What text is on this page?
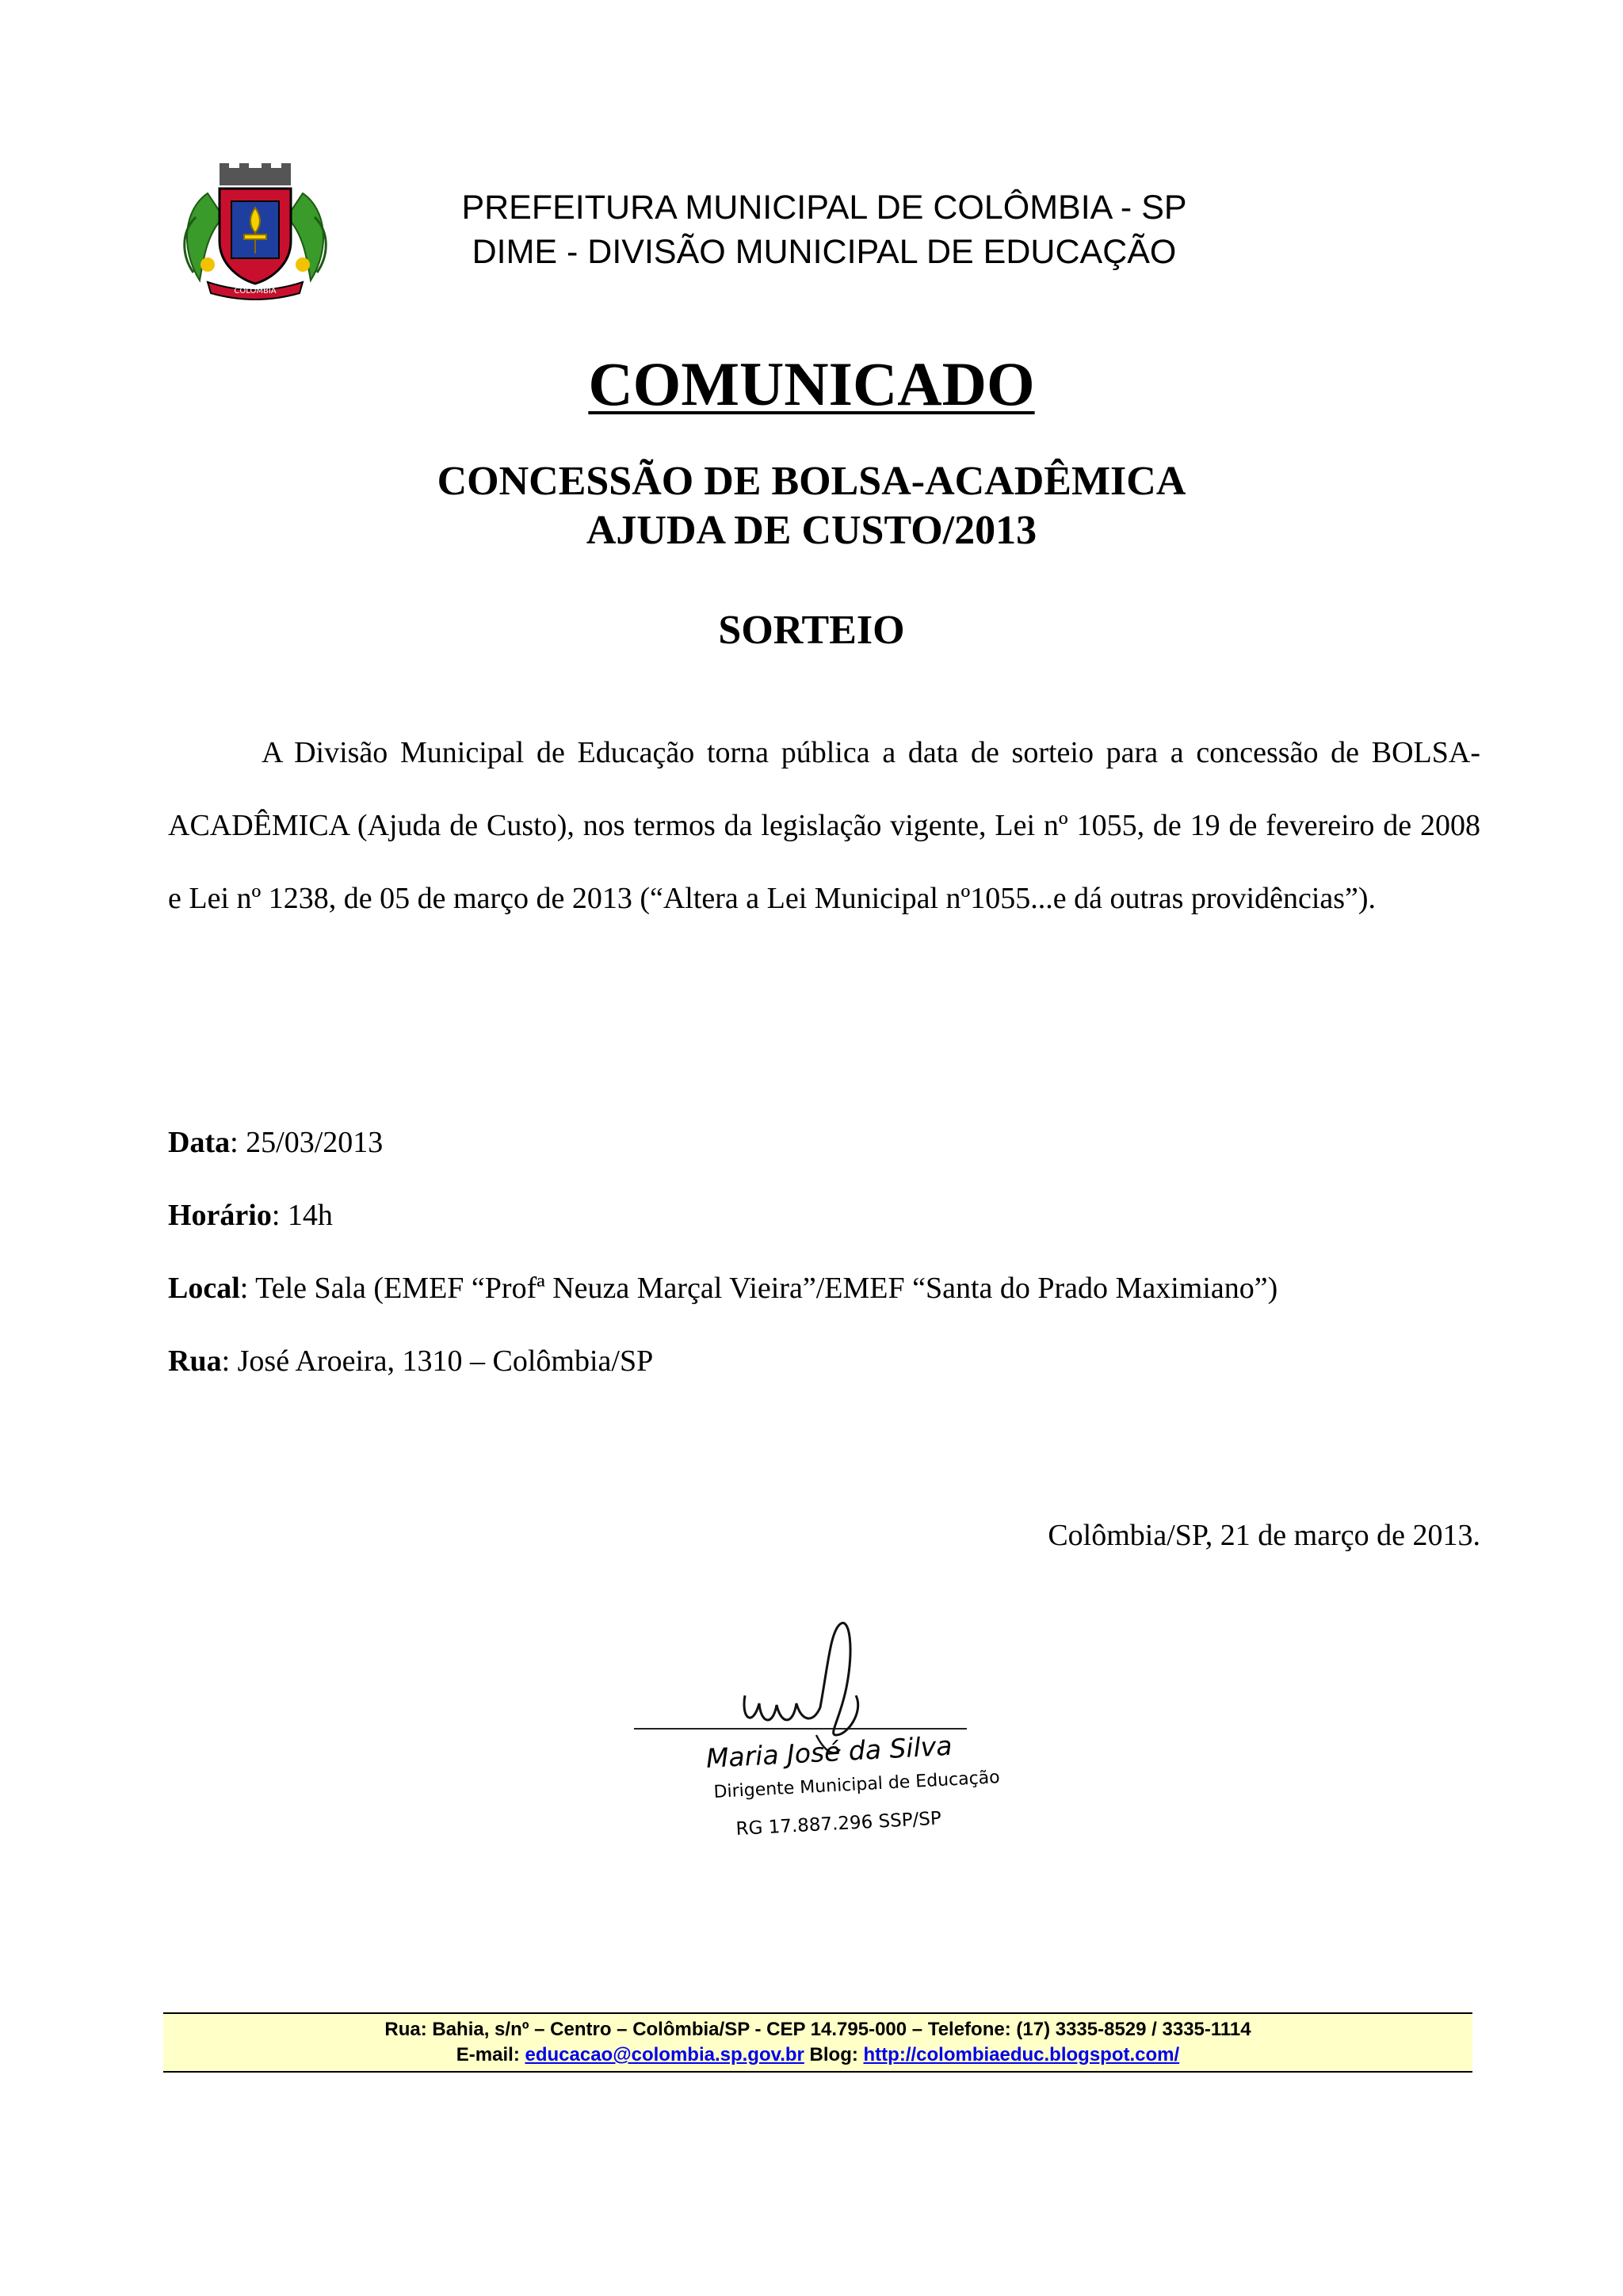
COLÔMBIA
PREFEITURA MUNICIPAL DE COLÔMBIA - SP
DIME - DIVISÃO MUNICIPAL DE EDUCAÇÃO
COMUNICADO
CONCESSÃO DE BOLSA-ACADÊMICA
AJUDA DE CUSTO/2013
SORTEIO
A Divisão Municipal de Educação torna pública a data de sorteio para a concessão de BOLSA-ACADÊMICA (Ajuda de Custo), nos termos da legislação vigente, Lei nº 1055, de 19 de fevereiro de 2008 e Lei nº 1238, de 05 de março de 2013 (“Altera a Lei Municipal nº1055...e dá outras providências”).
Data: 25/03/2013
Horário: 14h
Local: Tele Sala (EMEF “Profª Neuza Marçal Vieira”/EMEF “Santa do Prado Maximiano”)
Rua: José Aroeira, 1310 – Colômbia/SP
Colômbia/SP, 21 de março de 2013.
Maria José da Silva
Dirigente Municipal de Educação
RG 17.887.296 SSP/SP
Rua: Bahia, s/nº – Centro – Colômbia/SP - CEP 14.795-000 – Telefone: (17) 3335-8529 / 3335-1114
E-mail: educacao@colombia.sp.gov.br Blog: http://colombiaeduc.blogspot.com/
